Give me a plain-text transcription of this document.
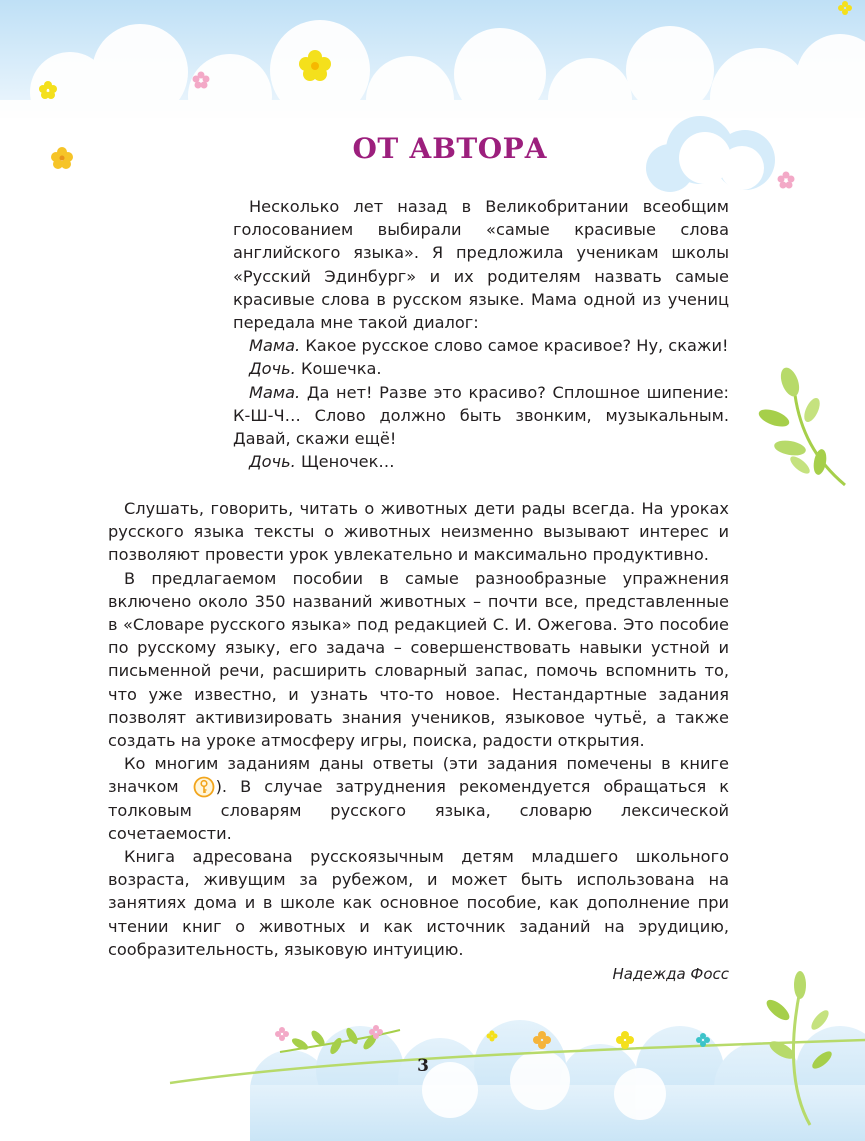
ОТ АВТОРА

Несколько лет назад в Великобритании всеобщим голосованием выбирали «самые красивые слова английского языка». Я предложила ученикам школы «Русский Эдинбург» и их родителям назвать самые красивые слова в русском языке. Мама одной из учениц передала мне такой диалог:

Мама. Какое русское слово самое красивое? Ну, скажи!

Дочь. Кошечка.

Мама. Да нет! Разве это красиво? Сплошное шипение: К-Ш-Ч… Слово должно быть звонким, музыкальным. Давай, скажи ещё!

Дочь. Щеночек…

Слушать, говорить, читать о животных дети рады всегда. На уроках русского языка тексты о животных неизменно вызывают интерес и позволяют провести урок увлекательно и максимально продуктивно.

В предлагаемом пособии в самые разнообразные упражнения включено около 350 названий животных – почти все, представленные в «Словаре русского языка» под редакцией С. И. Ожегова. Это пособие по русскому языку, его задача – совершенствовать навыки устной и письменной речи, расширить словарный запас, помочь вспомнить то, что уже известно, и узнать что-то новое. Нестандартные задания позволят активизировать знания учеников, языковое чутьё, а также создать на уроке атмосферу игры, поиска, радости открытия.

Ко многим заданиям даны ответы (эти задания помечены в книге значком ). В случае затруднения рекомендуется обращаться к толковым словарям русского языка, словарю лексической сочетаемости.

Книга адресована русскоязычным детям младшего школьного возраста, живущим за рубежом, и может быть использована на занятиях дома и в школе как основное пособие, как дополнение при чтении книг о животных и как источник заданий на эрудицию, сообразительность, языковую интуицию.

Надежда Фосс

3
